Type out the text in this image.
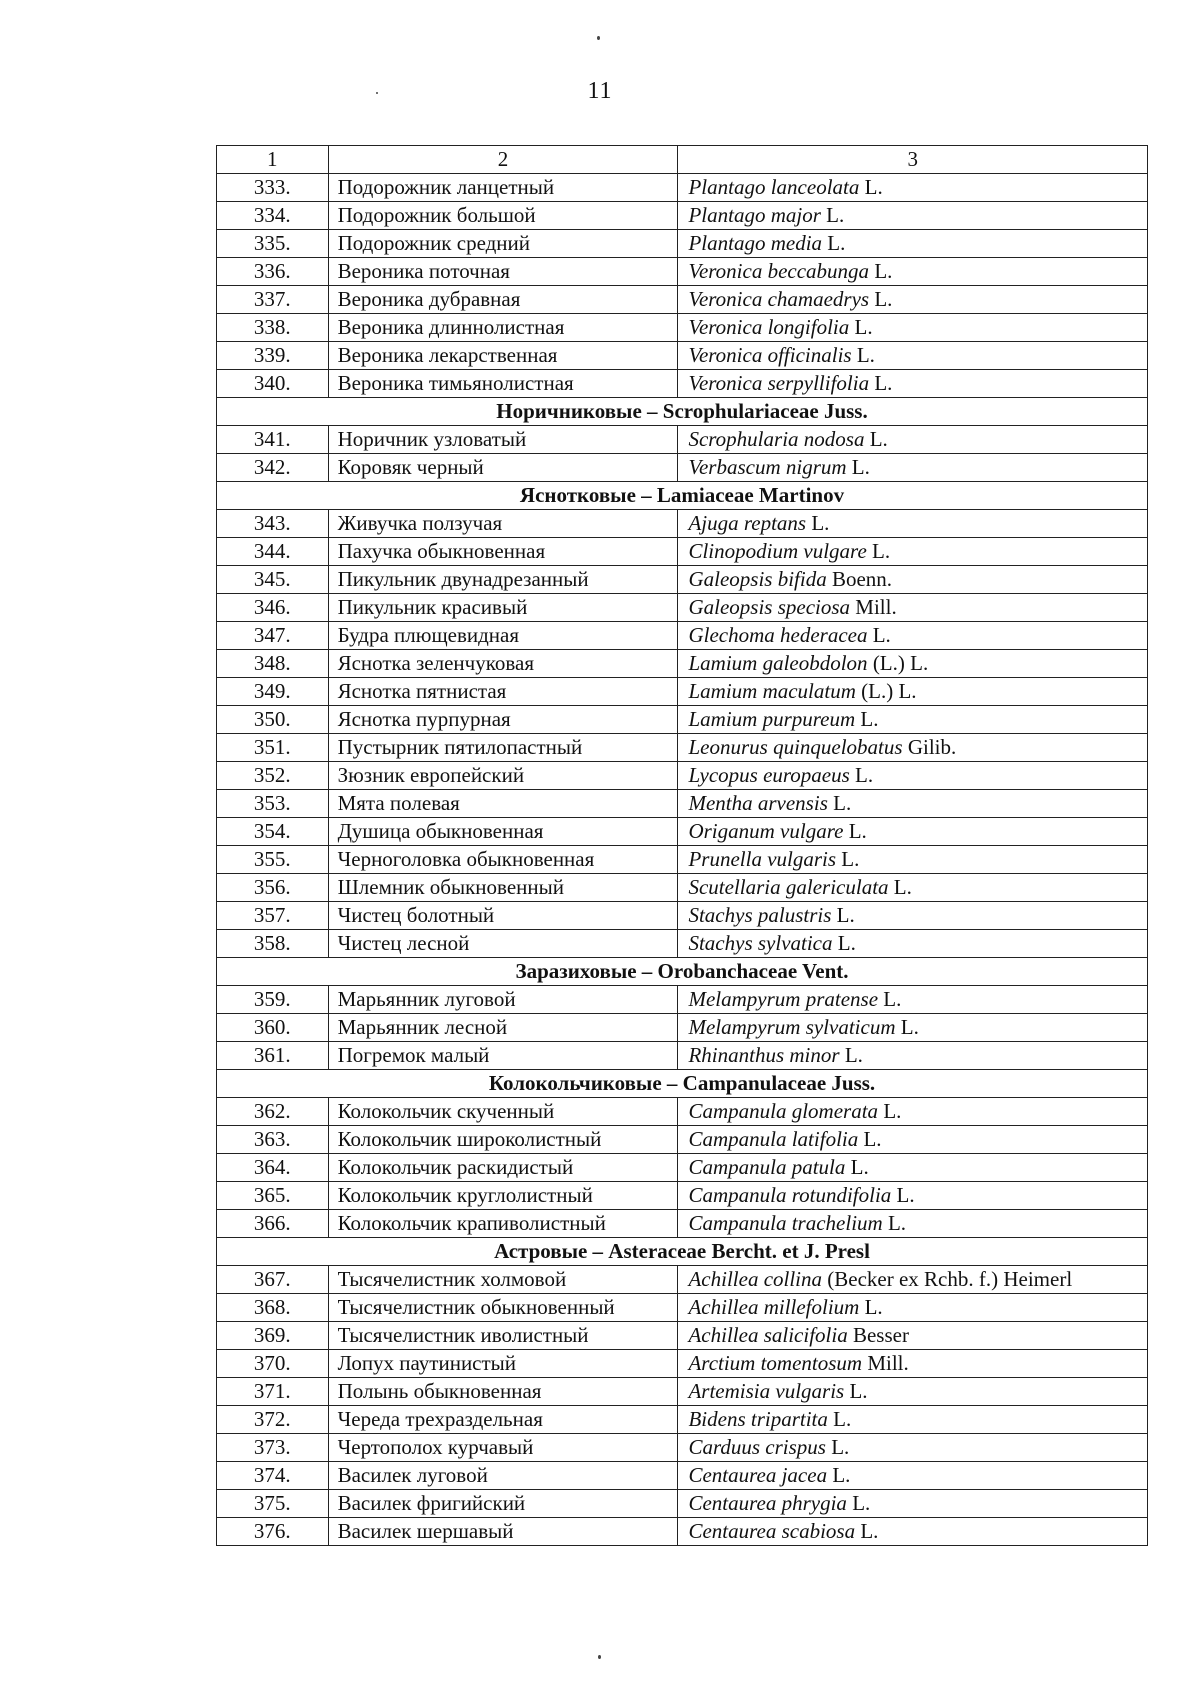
11
1	2	3
333.	Подорожник ланцетный	Plantago lanceolata L.
334.	Подорожник большой	Plantago major L.
335.	Подорожник средний	Plantago media L.
336.	Вероника поточная	Veronica beccabunga L.
337.	Вероника дубравная	Veronica chamaedrys L.
338.	Вероника длиннолистная	Veronica longifolia L.
339.	Вероника лекарственная	Veronica officinalis L.
340.	Вероника тимьянолистная	Veronica serpyllifolia L.
Норичниковые – Scrophulariaceae Juss.		
341.	Норичник узловатый	Scrophularia nodosa L.
342.	Коровяк черный	Verbascum nigrum L.
Яснотковые – Lamiaceae Martinov		
343.	Живучка ползучая	Ajuga reptans L.
344.	Пахучка обыкновенная	Clinopodium vulgare L.
345.	Пикульник двунадрезанный	Galeopsis bifida Boenn.
346.	Пикульник красивый	Galeopsis speciosa Mill.
347.	Будра плющевидная	Glechoma hederacea L.
348.	Яснотка зеленчуковая	Lamium galeobdolon (L.) L.
349.	Яснотка пятнистая	Lamium maculatum (L.) L.
350.	Яснотка пурпурная	Lamium purpureum L.
351.	Пустырник пятилопастный	Leonurus quinquelobatus Gilib.
352.	Зюзник европейский	Lycopus europaeus L.
353.	Мята полевая	Mentha arvensis L.
354.	Душица обыкновенная	Origanum vulgare L.
355.	Черноголовка обыкновенная	Prunella vulgaris L.
356.	Шлемник обыкновенный	Scutellaria galericulata L.
357.	Чистец болотный	Stachys palustris L.
358.	Чистец лесной	Stachys sylvatica L.
Заразиховые – Orobanchaceae Vent.		
359.	Марьянник луговой	Melampyrum pratense L.
360.	Марьянник лесной	Melampyrum sylvaticum L.
361.	Погремок малый	Rhinanthus minor L.
Колокольчиковые – Campanulaceae Juss.		
362.	Колокольчик скученный	Campanula glomerata L.
363.	Колокольчик широколистный	Campanula latifolia L.
364.	Колокольчик раскидистый	Campanula patula L.
365.	Колокольчик круглолистный	Campanula rotundifolia L.
366.	Колокольчик крапиволистный	Campanula trachelium L.
Астровые – Asteraceae Bercht. et J. Presl		
367.	Тысячелистник холмовой	Achillea collina (Becker ex Rchb. f.) Heimerl
368.	Тысячелистник обыкновенный	Achillea millefolium L.
369.	Тысячелистник иволистный	Achillea salicifolia Besser
370.	Лопух паутинистый	Arctium tomentosum Mill.
371.	Полынь обыкновенная	Artemisia vulgaris L.
372.	Череда трехраздельная	Bidens tripartita L.
373.	Чертополох курчавый	Carduus crispus L.
374.	Василек луговой	Centaurea jacea L.
375.	Василек фригийский	Centaurea phrygia L.
376.	Василек шершавый	Centaurea scabiosa L.
